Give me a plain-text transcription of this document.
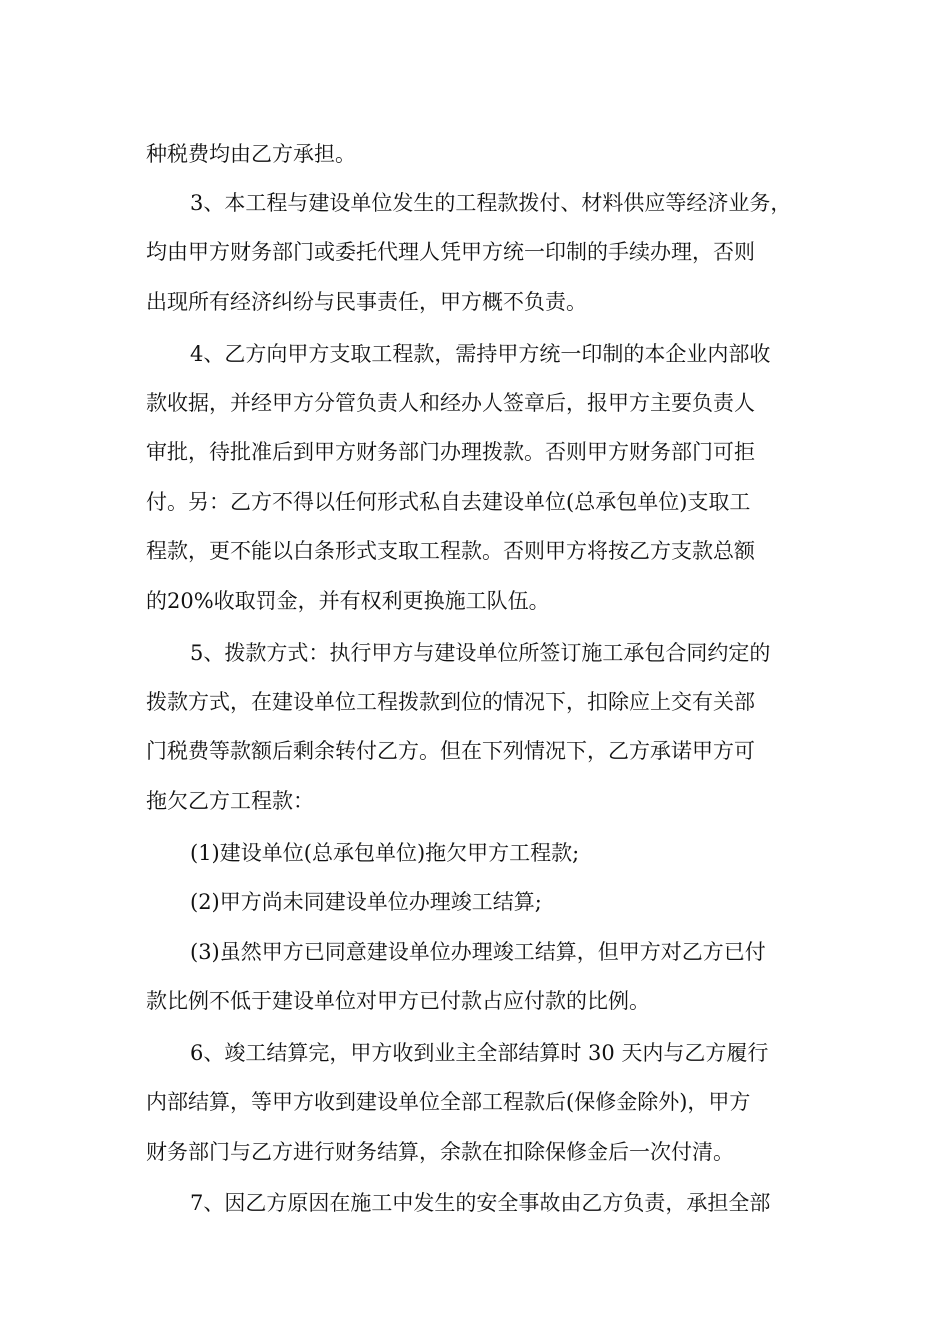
种税费均由乙方承担。
3、本工程与建设单位发生的工程款拨付、材料供应等经济业务，
均由甲方财务部门或委托代理人凭甲方统一印制的手续办理，否则
出现所有经济纠纷与民事责任，甲方概不负责。
4、乙方向甲方支取工程款，需持甲方统一印制的本企业内部收
款收据，并经甲方分管负责人和经办人签章后，报甲方主要负责人
审批，待批准后到甲方财务部门办理拨款。否则甲方财务部门可拒
付。另：乙方不得以任何形式私自去建设单位(总承包单位)支取工
程款，更不能以白条形式支取工程款。否则甲方将按乙方支款总额
的20%收取罚金，并有权利更换施工队伍。
5、拨款方式：执行甲方与建设单位所签订施工承包合同约定的
拨款方式，在建设单位工程拨款到位的情况下，扣除应上交有关部
门税费等款额后剩余转付乙方。但在下列情况下，乙方承诺甲方可
拖欠乙方工程款：
(1)建设单位(总承包单位)拖欠甲方工程款;
(2)甲方尚未同建设单位办理竣工结算;
(3)虽然甲方已同意建设单位办理竣工结算，但甲方对乙方已付
款比例不低于建设单位对甲方已付款占应付款的比例。
6、竣工结算完，甲方收到业主全部结算时 30 天内与乙方履行
内部结算，等甲方收到建设单位全部工程款后(保修金除外)，甲方
财务部门与乙方进行财务结算，余款在扣除保修金后一次付清。
7、因乙方原因在施工中发生的安全事故由乙方负责，承担全部
